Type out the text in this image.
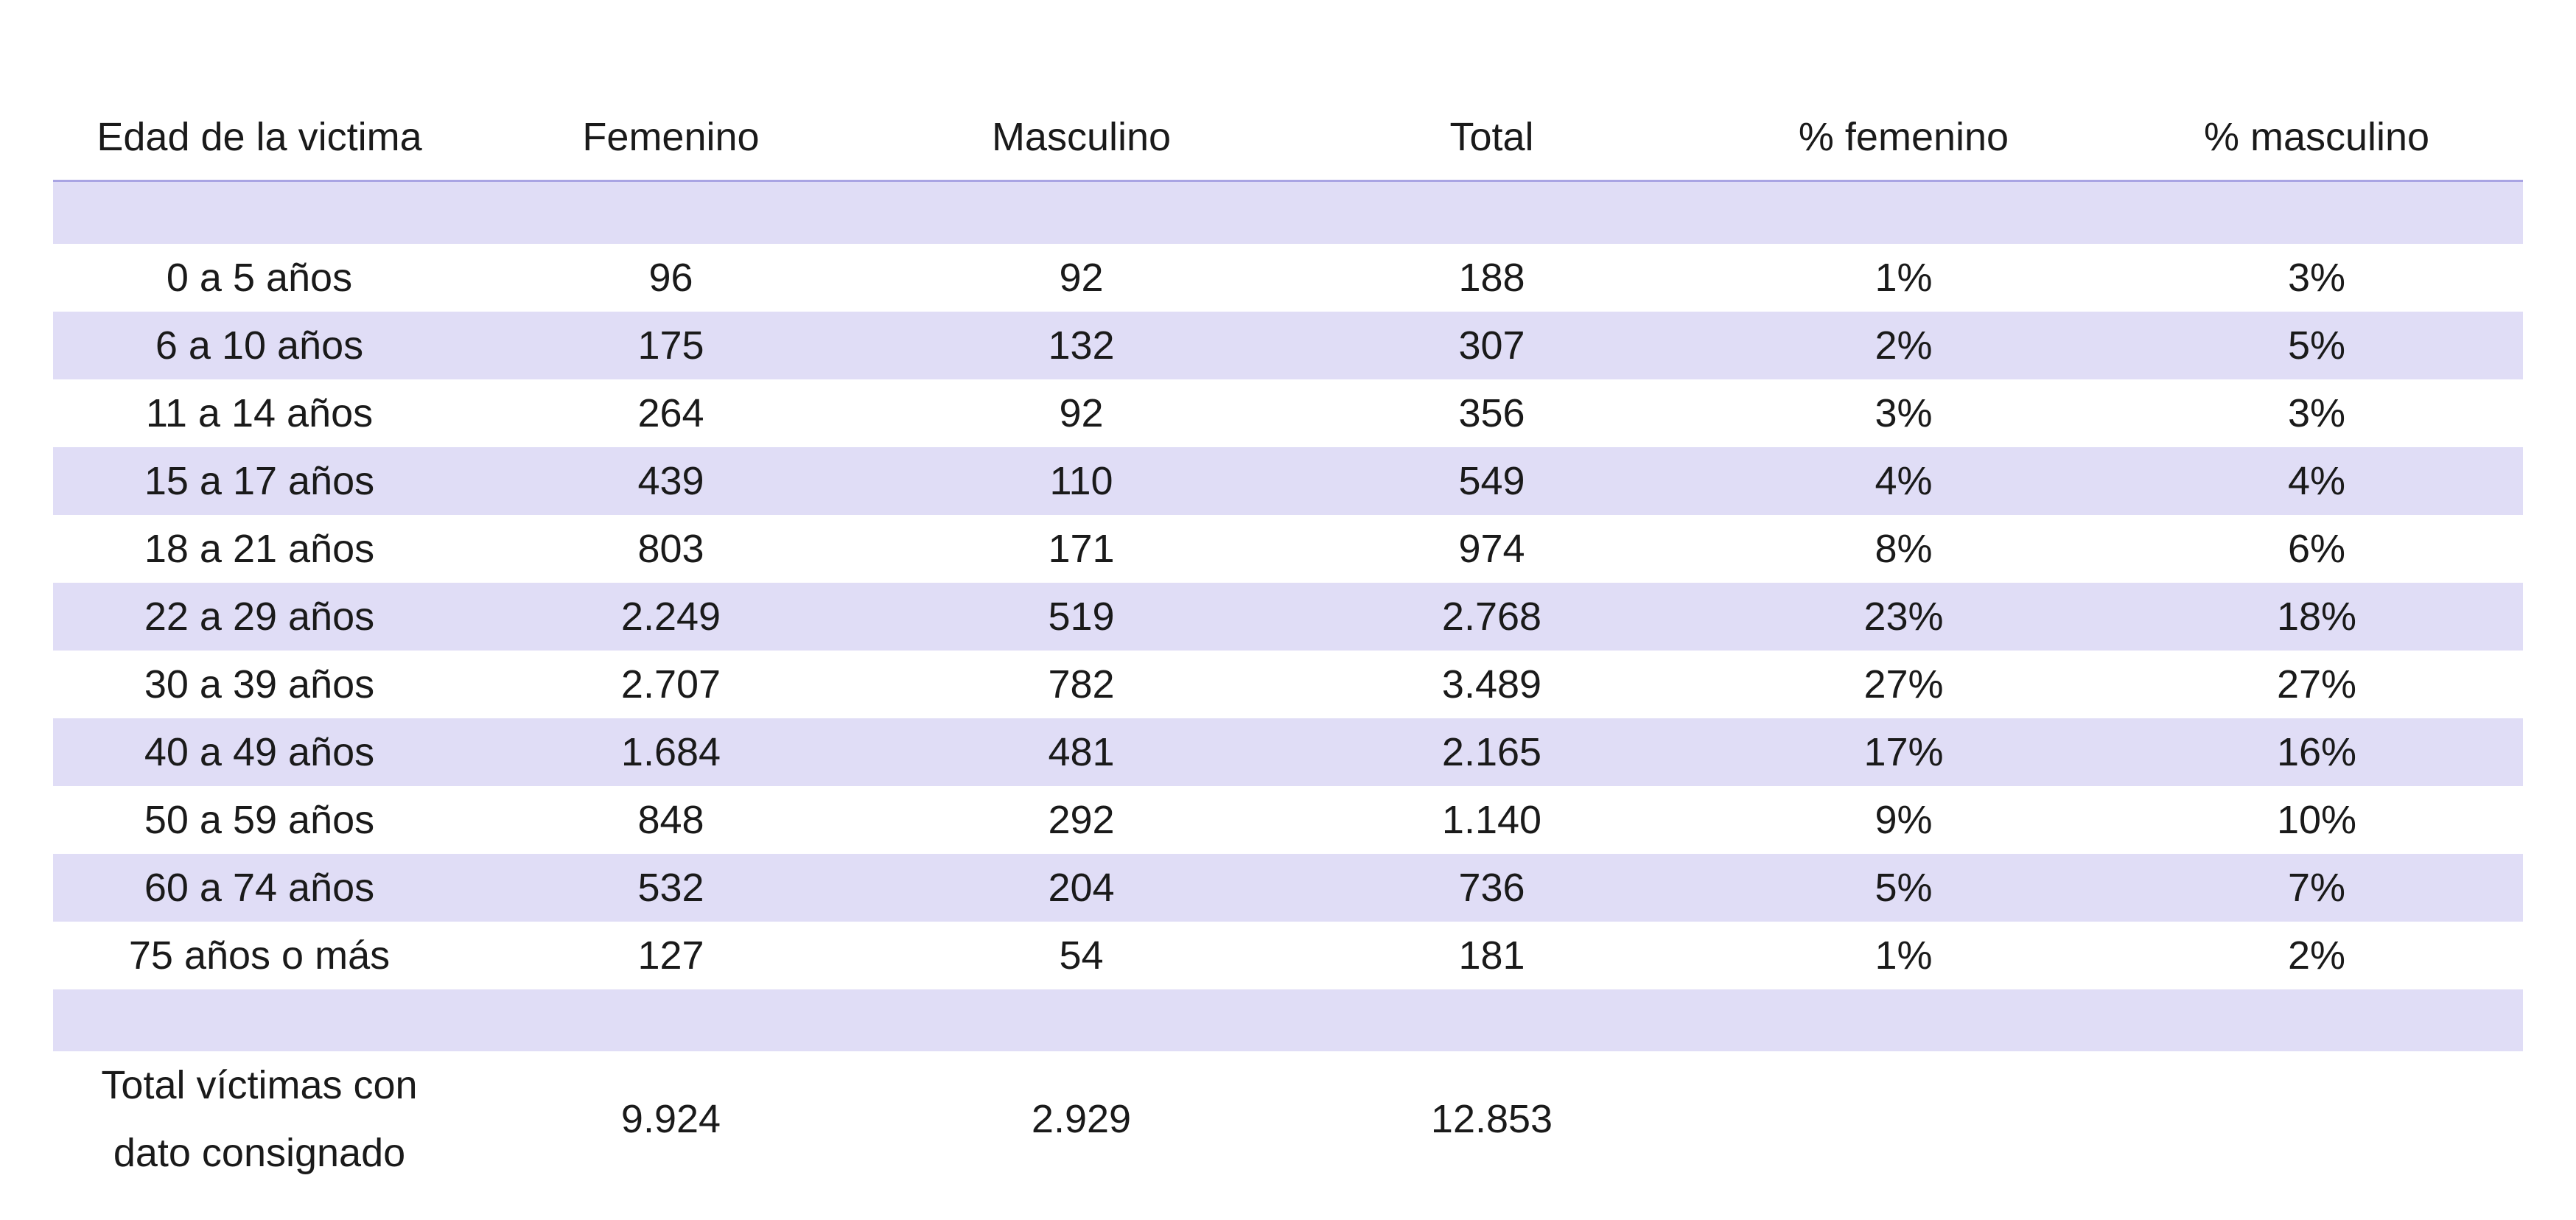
Edad de la victima	Femenino	Masculino	Total	% femenino	% masculino

0 a 5 años	96	92	188	1%	3%
6 a 10 años	175	132	307	2%	5%
11 a 14 años	264	92	356	3%	3%
15 a 17 años	439	110	549	4%	4%
18 a 21 años	803	171	974	8%	6%
22 a 29 años	2.249	519	2.768	23%	18%
30 a 39 años	2.707	782	3.489	27%	27%
40 a 49 años	1.684	481	2.165	17%	16%
50 a 59 años	848	292	1.140	9%	10%
60 a 74 años	532	204	736	5%	7%
75 años o más	127	54	181	1%	2%

Total víctimas con
dato consignado	9.924	2.929	12.853		
